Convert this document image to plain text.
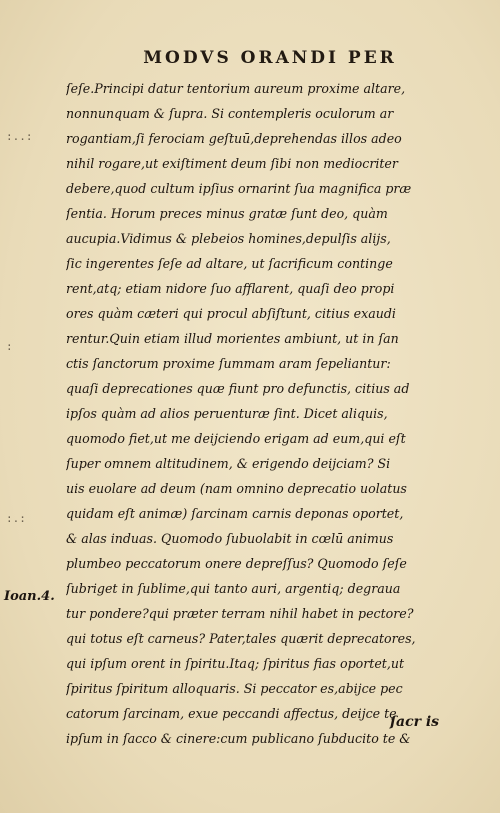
MODVS ORANDI PER
:..:
:
:.:
Ioan.4.
ſeſe.Principi datur tentorium aureum proxime altare,
nonnunquam & ſupra. Si contempleris oculorum ar
rogantiam,ſi ferociam geſtuū,deprehendas illos adeo
nihil rogare,ut exiſtiment deum ſibi non mediocriter
debere,quod cultum ipſius ornarint ſua magnifica præ
ſentia. Horum preces minus gratæ ſunt deo, quàm
aucupia.Vidimus & plebeios homines,depulſis alijs,
ſic ingerentes ſeſe ad altare, ut ſacrificum continge
rent,atq; etiam nidore ſuo afflarent, quaſi deo propi
ores quàm cæteri qui procul abſiſtunt, citius exaudi
rentur.Quin etiam illud morientes ambiunt, ut in ſan
ctis ſanctorum proxime ſummam aram ſepeliantur:
quaſi deprecationes quæ fiunt pro defunctis, citius ad
ipſos quàm ad alios peruenturæ ſint. Dicet aliquis,
quomodo fiet,ut me deijciendo erigam ad eum,qui eſt
ſuper omnem altitudinem, & erigendo deijciam? Si
uis euolare ad deum (nam omnino deprecatio uolatus
quidam eſt animæ) ſarcinam carnis deponas oportet,
& alas induas. Quomodo ſubuolabit in cœlū animus
plumbeo peccatorum onere depreſſus? Quomodo ſeſe
ſubriget in ſublime,qui tanto auri, argentiq; degraua
tur pondere?qui præter terram nihil habet in pectore?
qui totus eſt carneus? Pater,tales quærit deprecatores,
qui ipſum orent in ſpiritu.Itaq; ſpiritus fias oportet,ut
ſpiritus ſpiritum alloquaris. Si peccator es,abijce pec
catorum ſarcinam, exue peccandi affectus, deijce te
ipſum in ſacco & cinere:cum publicano ſubducito te &
ſacr is
